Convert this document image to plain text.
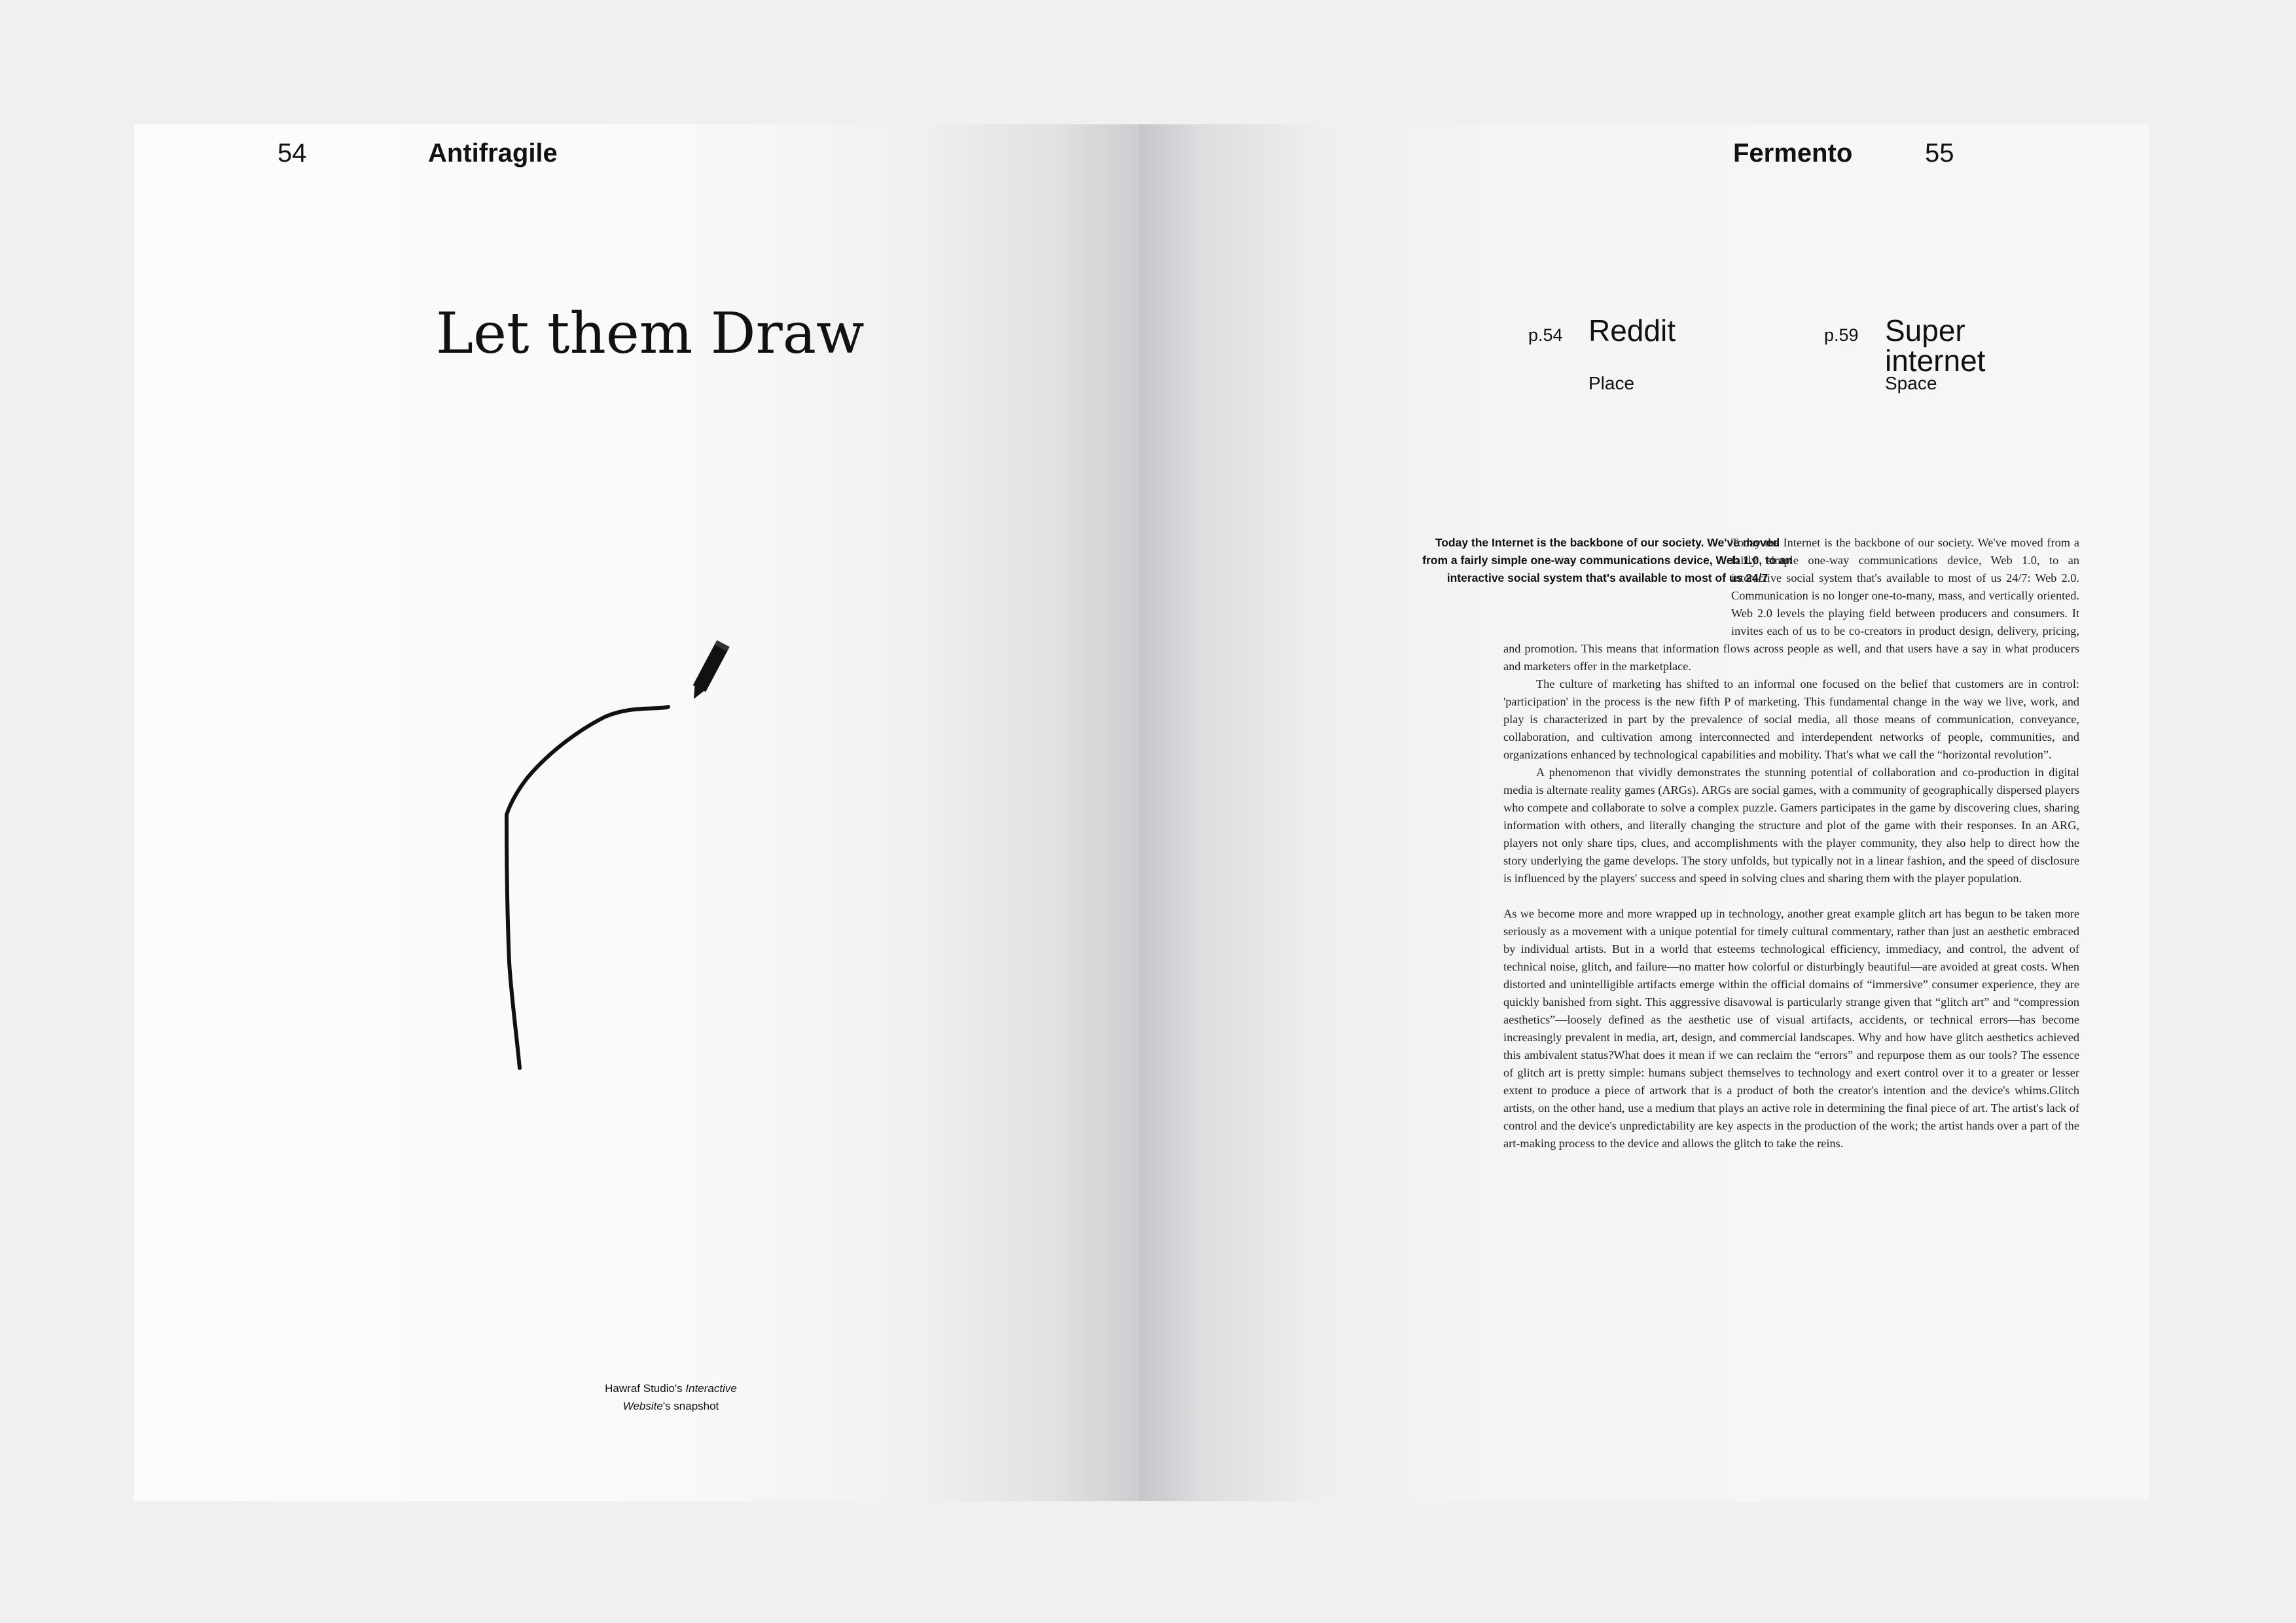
54	Antifragile
Let them Draw
Hawraf Studio's Interactive
Website's snapshot
Fermento	55
p.54 Reddit
Place
p.59 Super internet
Space
Today the Internet is the backbone of our society. We've moved from a fairly simple one-way communications device, Web 1.0, to an interactive social system that's available to most of us 24/7

Today the Internet is the backbone of our society. We've moved from a fairly simple one-way communications device, Web 1.0, to an interactive social system that's available to most of us 24/7: Web 2.0. Communication is no longer one-to-many, mass, and vertically oriented. Web 2.0 levels the playing field between producers and consumers. It invites each of us to be co-creators in product design, delivery, pricing, and promotion. This means that information flows across people as well, and that users have a say in what producers and marketers offer in the marketplace.

The culture of marketing has shifted to an informal one focused on the belief that customers are in control: 'participation' in the process is the new fifth P of marketing. This fundamental change in the way we live, work, and play is characterized in part by the prevalence of social media, all those means of communication, conveyance, collaboration, and cultivation among interconnected and interdependent networks of people, communities, and organizations enhanced by technological capabilities and mobility. That's what we call the “horizontal revolution”.

A phenomenon that vividly demonstrates the stunning potential of collaboration and co-production in digital media is alternate reality games (ARGs). ARGs are social games, with a community of geographically dispersed players who compete and collaborate to solve a complex puzzle. Gamers participates in the game by discovering clues, sharing information with others, and literally changing the structure and plot of the game with their responses. In an ARG, players not only share tips, clues, and accomplishments with the player community, they also help to direct how the story underlying the game develops. The story unfolds, but typically not in a linear fashion, and the speed of disclosure is influenced by the players' success and speed in solving clues and sharing them with the player population.

As we become more and more wrapped up in technology, another great example glitch art has begun to be taken more seriously as a movement with a unique potential for timely cultural commentary, rather than just an aesthetic embraced by individual artists. But in a world that esteems technological efficiency, immediacy, and control, the advent of technical noise, glitch, and failure—no matter how colorful or disturbingly beautiful—are avoided at great costs. When distorted and unintelligible artifacts emerge within the official domains of “immersive” consumer experience, they are quickly banished from sight. This aggressive disavowal is particularly strange given that “glitch art” and “compression aesthetics”—loosely defined as the aesthetic use of visual artifacts, accidents, or technical errors—has become increasingly prevalent in media, art, design, and commercial landscapes. Why and how have glitch aesthetics achieved this ambivalent status?What does it mean if we can reclaim the “errors” and repurpose them as our tools? The essence of glitch art is pretty simple: humans subject themselves to technology and exert control over it to a greater or lesser extent to produce a piece of artwork that is a product of both the creator's intention and the device's whims.Glitch artists, on the other hand, use a medium that plays an active role in determining the final piece of art. The artist's lack of control and the device's unpredictability are key aspects in the production of the work; the artist hands over a part of the art-making process to the device and allows the glitch to take the reins.
